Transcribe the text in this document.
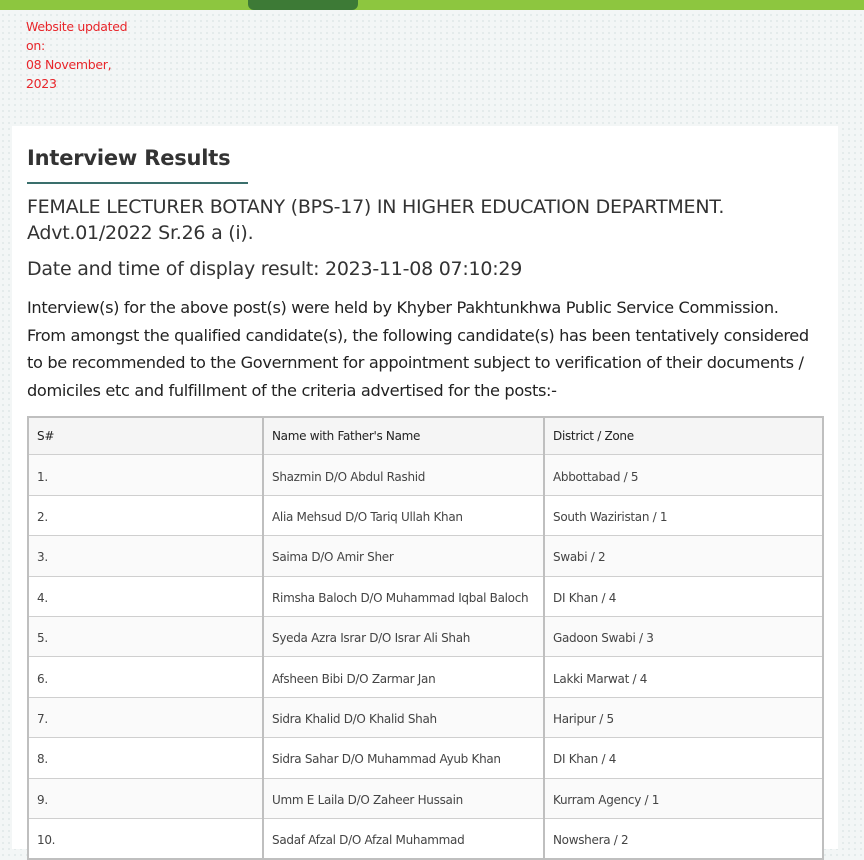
Website updated
on:
08 November,
2023
Interview Results
FEMALE LECTURER BOTANY (BPS-17) IN HIGHER EDUCATION DEPARTMENT.
Advt.01/2022 Sr.26 a (i).
Date and time of display result: 2023-11-08 07:10:29
Interview(s) for the above post(s) were held by Khyber Pakhtunkhwa Public Service Commission.
From amongst the qualified candidate(s), the following candidate(s) has been tentatively considered
to be recommended to the Government for appointment subject to verification of their documents /
domiciles etc and fulfillment of the criteria advertised for the posts:-
S#	Name with Father's Name	District / Zone
1.	Shazmin D/O Abdul Rashid	Abbottabad / 5
2.	Alia Mehsud D/O Tariq Ullah Khan	South Waziristan / 1
3.	Saima D/O Amir Sher	Swabi / 2
4.	Rimsha Baloch D/O Muhammad Iqbal Baloch	DI Khan / 4
5.	Syeda Azra Israr D/O Israr Ali Shah	Gadoon Swabi / 3
6.	Afsheen Bibi D/O Zarmar Jan	Lakki Marwat / 4
7.	Sidra Khalid D/O Khalid Shah	Haripur / 5
8.	Sidra Sahar D/O Muhammad Ayub Khan	DI Khan / 4
9.	Umm E Laila D/O Zaheer Hussain	Kurram Agency / 1
10.	Sadaf Afzal D/O Afzal Muhammad	Nowshera / 2
